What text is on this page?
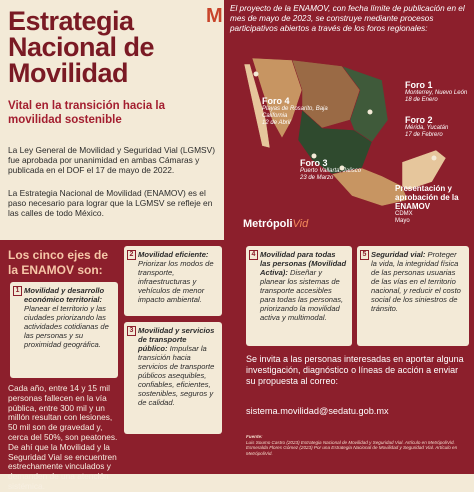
Estrategia Nacional de Movilidad
M
Vital en la transición hacia la movilidad sostenible
La Ley General de Movilidad y Seguridad Vial (LGMSV) fue aprobada por unanimidad en ambas Cámaras y publicada en el DOF el 17 de mayo de 2022.
La Estrategia Nacional de Movilidad (ENAMOV) es el paso necesario para lograr que la LGMSV se refleje en las calles de todo México.
Los cinco ejes de la ENAMOV son:
1 Movilidad y desarrollo económico territorial: Planear el territorio y las ciudades priorizando las actividades cotidianas de las personas y su proximidad geográfica.
2 Movilidad eficiente: Priorizar los modos de transporte, infraestructuras y vehículos de menor impacto ambiental.
3 Movilidad y servicios de transporte público: Impulsar la transición hacia servicios de transporte públicos asequibles, confiables, eficientes, sostenibles, seguros y de calidad.
Cada año, entre 14 y 15 mil personas fallecen en la vía pública, entre 300 mil y un millón resultan con lesiones, 50 mil son de gravedad y, cerca del 50%, son peatones. De ahí que la Movilidad y la Seguridad Vial se encuentren estrechamente vinculados y demanden de una atención sistémica.
El proyecto de la ENAMOV, con fecha límite de publicación en el mes de mayo de 2023, se construye mediante procesos participativos abiertos a través de los foros regionales:
Foro 1
Monterrey, Nuevo León
18 de Enero
Foro 2
Mérida, Yucatán
17 de Febrero
Foro 3
Puerto Vallarta, Jalisco
23 de Marzo
Foro 4
Playas de Rosarito, Baja California
12 de Abril
Presentación y aprobación de la ENAMOV
CDMX
Mayo
MetrópoliVid
4 Movilidad para todas las personas (Movilidad Activa): Diseñar y planear los sistemas de transporte accesibles para todas las personas, priorizando la movilidad activa y multimodal.
5 Seguridad vial: Proteger la vida, la integridad física de las personas usuarias de las vías en el territorio nacional, y reducir el costo social de los siniestros de tránsito.
Se invita a las personas interesadas en aportar alguna investigación, diagnóstico o líneas de acción a enviar su propuesta al correo:
sistema.movilidad@sedatu.gob.mx
Fuente:
Luis Soumo Castro (2023) Estrategia Nacional de Movilidad y Seguridad Vial. Artículo en MetrópoliVid.
Esmeralda Flores Gómez (2023) Por una Estrategia Nacional de Movilidad y Seguridad Vial. Artículo en MetrópoliVid.
